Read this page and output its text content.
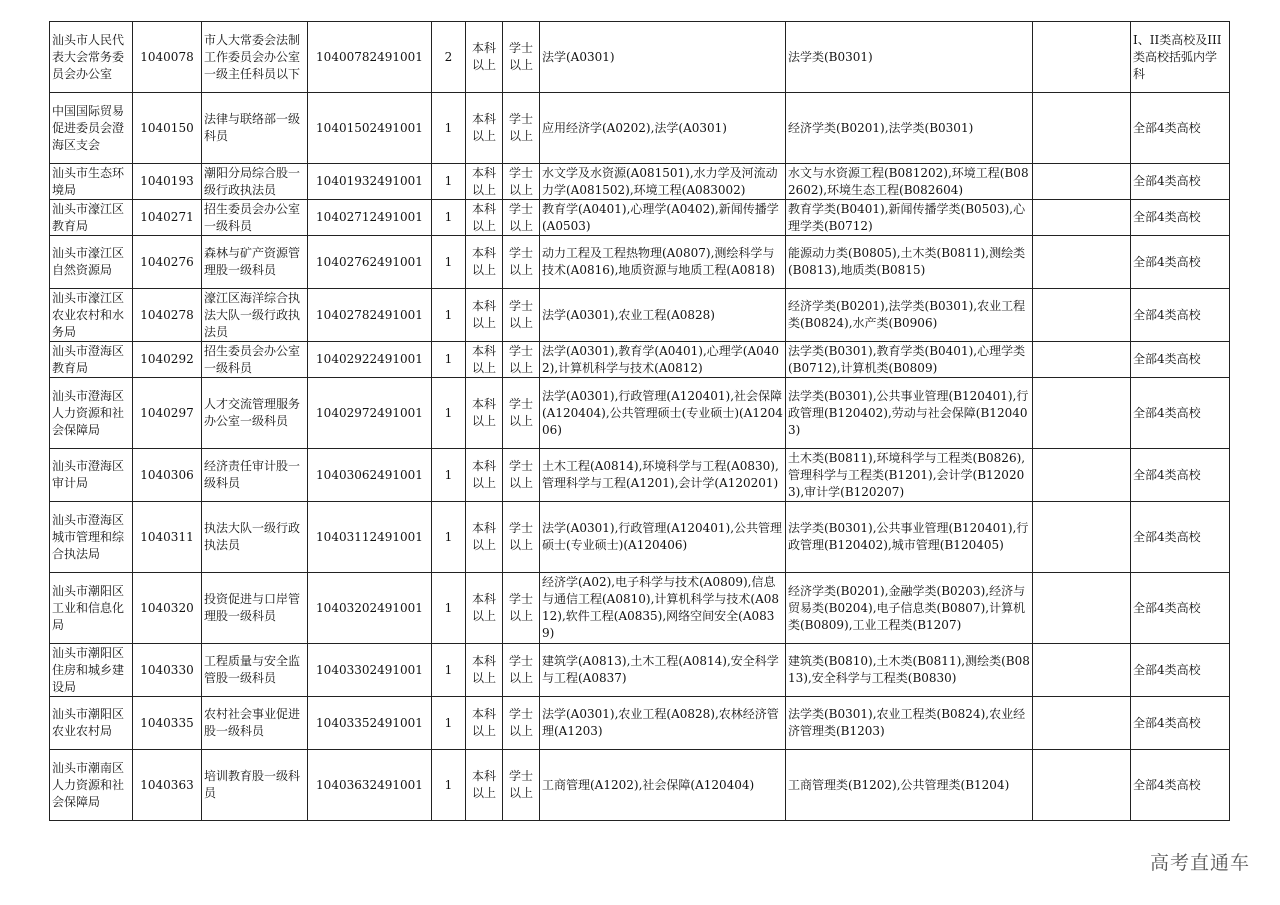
汕头市人民代表大会常务委员会办公室	1040078	市人大常委会法制工作委员会办公室一级主任科员以下	10400782491001	2	本科以上	学士以上	法学(A0301)	法学类(B0301)		I、II类高校及III类高校括弧内学科
中国国际贸易促进委员会澄海区支会	1040150	法律与联络部一级科员	10401502491001	1	本科以上	学士以上	应用经济学(A0202),法学(A0301)	经济学类(B0201),法学类(B0301)		全部4类高校
汕头市生态环境局	1040193	潮阳分局综合股一级行政执法员	10401932491001	1	本科以上	学士以上	水文学及水资源(A081501),水力学及河流动力学(A081502),环境工程(A083002)	水文与水资源工程(B081202),环境工程(B082602),环境生态工程(B082604)		全部4类高校
汕头市濠江区教育局	1040271	招生委员会办公室一级科员	10402712491001	1	本科以上	学士以上	教育学(A0401),心理学(A0402),新闻传播学(A0503)	教育学类(B0401),新闻传播学类(B0503),心理学类(B0712)		全部4类高校
汕头市濠江区自然资源局	1040276	森林与矿产资源管理股一级科员	10402762491001	1	本科以上	学士以上	动力工程及工程热物理(A0807),测绘科学与技术(A0816),地质资源与地质工程(A0818)	能源动力类(B0805),土木类(B0811),测绘类(B0813),地质类(B0815)		全部4类高校
汕头市濠江区农业农村和水务局	1040278	濠江区海洋综合执法大队一级行政执法员	10402782491001	1	本科以上	学士以上	法学(A0301),农业工程(A0828)	经济学类(B0201),法学类(B0301),农业工程类(B0824),水产类(B0906)		全部4类高校
汕头市澄海区教育局	1040292	招生委员会办公室一级科员	10402922491001	1	本科以上	学士以上	法学(A0301),教育学(A0401),心理学(A0402),计算机科学与技术(A0812)	法学类(B0301),教育学类(B0401),心理学类(B0712),计算机类(B0809)		全部4类高校
汕头市澄海区人力资源和社会保障局	1040297	人才交流管理服务办公室一级科员	10402972491001	1	本科以上	学士以上	法学(A0301),行政管理(A120401),社会保障(A120404),公共管理硕士(专业硕士)(A120406)	法学类(B0301),公共事业管理(B120401),行政管理(B120402),劳动与社会保障(B120403)		全部4类高校
汕头市澄海区审计局	1040306	经济责任审计股一级科员	10403062491001	1	本科以上	学士以上	土木工程(A0814),环境科学与工程(A0830),管理科学与工程(A1201),会计学(A120201)	土木类(B0811),环境科学与工程类(B0826),管理科学与工程类(B1201),会计学(B120203),审计学(B120207)		全部4类高校
汕头市澄海区城市管理和综合执法局	1040311	执法大队一级行政执法员	10403112491001	1	本科以上	学士以上	法学(A0301),行政管理(A120401),公共管理硕士(专业硕士)(A120406)	法学类(B0301),公共事业管理(B120401),行政管理(B120402),城市管理(B120405)		全部4类高校
汕头市潮阳区工业和信息化局	1040320	投资促进与口岸管理股一级科员	10403202491001	1	本科以上	学士以上	经济学(A02),电子科学与技术(A0809),信息与通信工程(A0810),计算机科学与技术(A0812),软件工程(A0835),网络空间安全(A0839)	经济学类(B0201),金融学类(B0203),经济与贸易类(B0204),电子信息类(B0807),计算机类(B0809),工业工程类(B1207)		全部4类高校
汕头市潮阳区住房和城乡建设局	1040330	工程质量与安全监管股一级科员	10403302491001	1	本科以上	学士以上	建筑学(A0813),土木工程(A0814),安全科学与工程(A0837)	建筑类(B0810),土木类(B0811),测绘类(B0813),安全科学与工程类(B0830)		全部4类高校
汕头市潮阳区农业农村局	1040335	农村社会事业促进股一级科员	10403352491001	1	本科以上	学士以上	法学(A0301),农业工程(A0828),农林经济管理(A1203)	法学类(B0301),农业工程类(B0824),农业经济管理类(B1203)		全部4类高校
汕头市潮南区人力资源和社会保障局	1040363	培训教育股一级科员	10403632491001	1	本科以上	学士以上	工商管理(A1202),社会保障(A120404)	工商管理类(B1202),公共管理类(B1204)		全部4类高校
高考直通车
